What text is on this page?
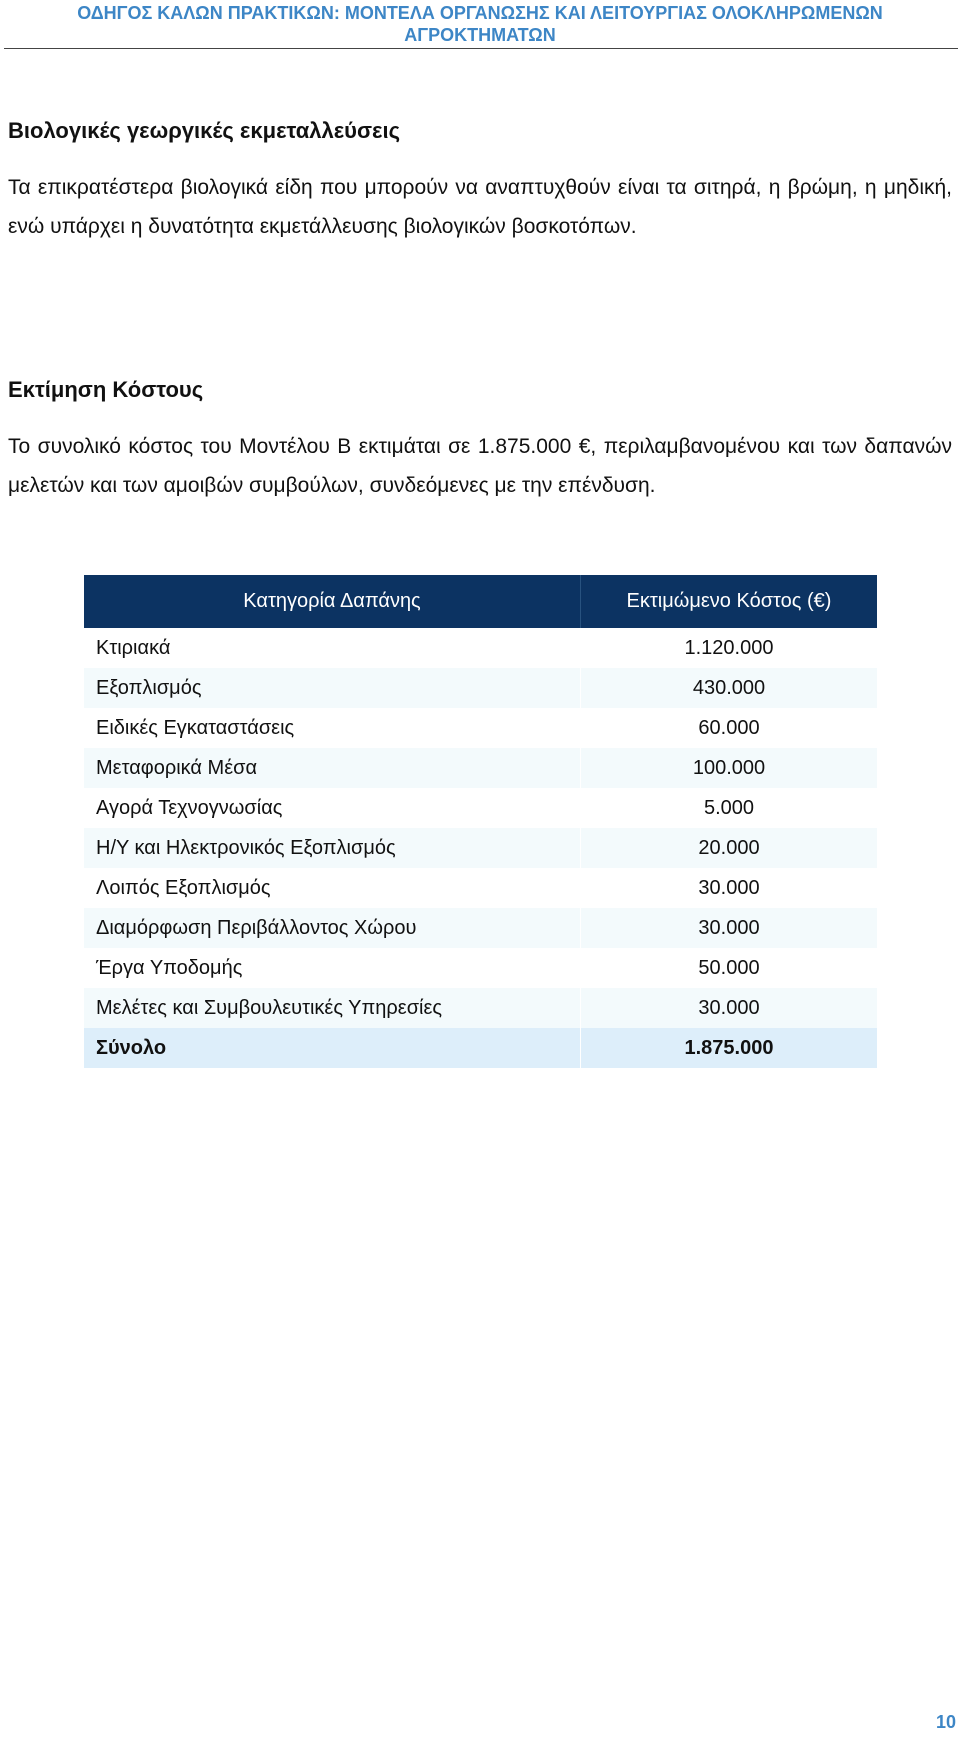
ΟΔΗΓΟΣ ΚΑΛΩΝ ΠΡΑΚΤΙΚΩΝ: ΜΟΝΤΕΛΑ ΟΡΓΑΝΩΣΗΣ ΚΑΙ ΛΕΙΤΟΥΡΓΙΑΣ ΟΛΟΚΛΗΡΩΜΕΝΩΝ
ΑΓΡΟΚΤΗΜΑΤΩΝ
Βιολογικές γεωργικές εκμεταλλεύσεις
Τα επικρατέστερα βιολογικά είδη που μπορούν να αναπτυχθούν είναι τα σιτηρά, η βρώμη, η μηδική, ενώ υπάρχει η δυνατότητα εκμετάλλευσης βιολογικών βοσκοτόπων.
Εκτίμηση Κόστους
Το συνολικό κόστος του Μοντέλου Β εκτιμάται σε 1.875.000 €, περιλαμβανομένου και των δαπανών μελετών και των αμοιβών συμβούλων, συνδεόμενες με την επένδυση.
Κατηγορία Δαπάνης	Εκτιμώμενο Κόστος (€)
Κτιριακά	1.120.000
Εξοπλισμός	430.000
Ειδικές Εγκαταστάσεις	60.000
Μεταφορικά Μέσα	100.000
Αγορά Τεχνογνωσίας	5.000
Η/Υ και Ηλεκτρονικός Εξοπλισμός	20.000
Λοιπός Εξοπλισμός	30.000
Διαμόρφωση Περιβάλλοντος Χώρου	30.000
Έργα Υποδομής	50.000
Μελέτες και Συμβουλευτικές Υπηρεσίες	30.000
Σύνολο	1.875.000
10
